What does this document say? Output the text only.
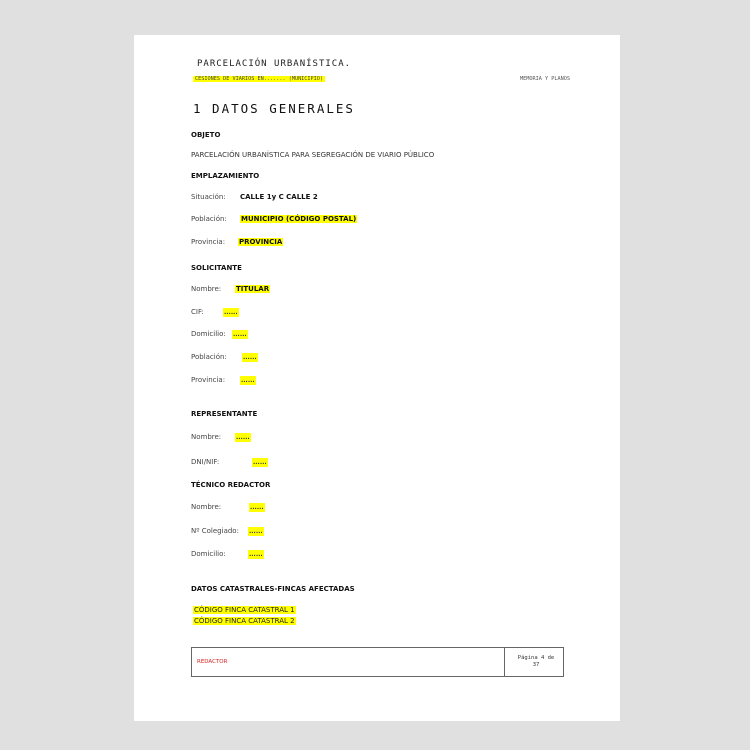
PARCELACIÓN URBANÍSTICA.
CESIONES DE VIARIOS EN....... (MUNICIPIO)	MEMORIA Y PLANOS
1 DATOS GENERALES
OBJETO
PARCELACIÓN URBANÍSTICA PARA SEGREGACIÓN DE VIARIO PÚBLICO
EMPLAZAMIENTO
Situación: CALLE 1y C CALLE 2
Población: MUNICIPIO (CÓDIGO POSTAL)
Provincia: PROVINCIA
SOLICITANTE
Nombre: TITULAR
CIF:	......
Domicilio: ......
Población:	......
Provincia:	......
REPRESENTANTE
Nombre: ......
DNI/NIF:	......
TÉCNICO REDACTOR
Nombre:	......
Nº Colegiado: ......
Domicilio:	......
DATOS CATASTRALES-FINCAS AFECTADAS
CÓDIGO FINCA CATASTRAL 1
CÓDIGO FINCA CATASTRAL 2
REDACTOR
Página 4 de
37
